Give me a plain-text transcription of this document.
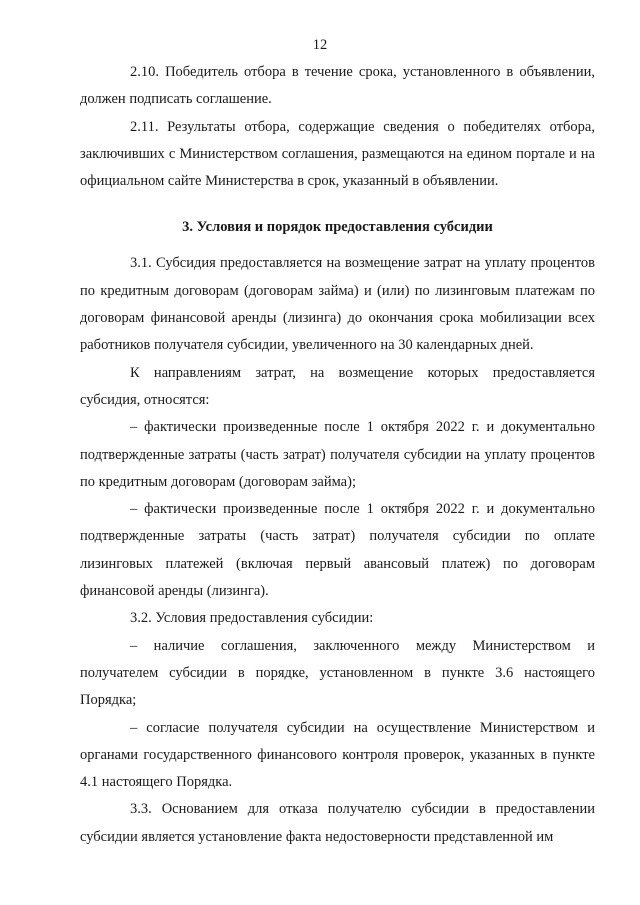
12

2.10. Победитель отбора в течение срока, установленного в объявлении, должен подписать соглашение.

2.11. Результаты отбора, содержащие сведения о победителях отбора, заключивших с Министерством соглашения, размещаются на едином портале и на официальном сайте Министерства в срок, указанный в объявлении.

3. Условия и порядок предоставления субсидии

3.1. Субсидия предоставляется на возмещение затрат на уплату процентов по кредитным договорам (договорам займа) и (или) по лизинговым платежам по договорам финансовой аренды (лизинга) до окончания срока мобилизации всех работников получателя субсидии, увеличенного на 30 календарных дней.

К направлениям затрат, на возмещение которых предоставляется субсидия, относятся:

– фактически произведенные после 1 октября 2022 г. и документально подтвержденные затраты (часть затрат) получателя субсидии на уплату процентов по кредитным договорам (договорам займа);

– фактически произведенные после 1 октября 2022 г. и документально подтвержденные затраты (часть затрат) получателя субсидии по оплате лизинговых платежей (включая первый авансовый платеж) по договорам финансовой аренды (лизинга).

3.2. Условия предоставления субсидии:

– наличие соглашения, заключенного между Министерством и получателем субсидии в порядке, установленном в пункте 3.6 настоящего Порядка;

– согласие получателя субсидии на осуществление Министерством и органами государственного финансового контроля проверок, указанных в пункте 4.1 настоящего Порядка.

3.3. Основанием для отказа получателю субсидии в предоставлении субсидии является установление факта недостоверности представленной им
